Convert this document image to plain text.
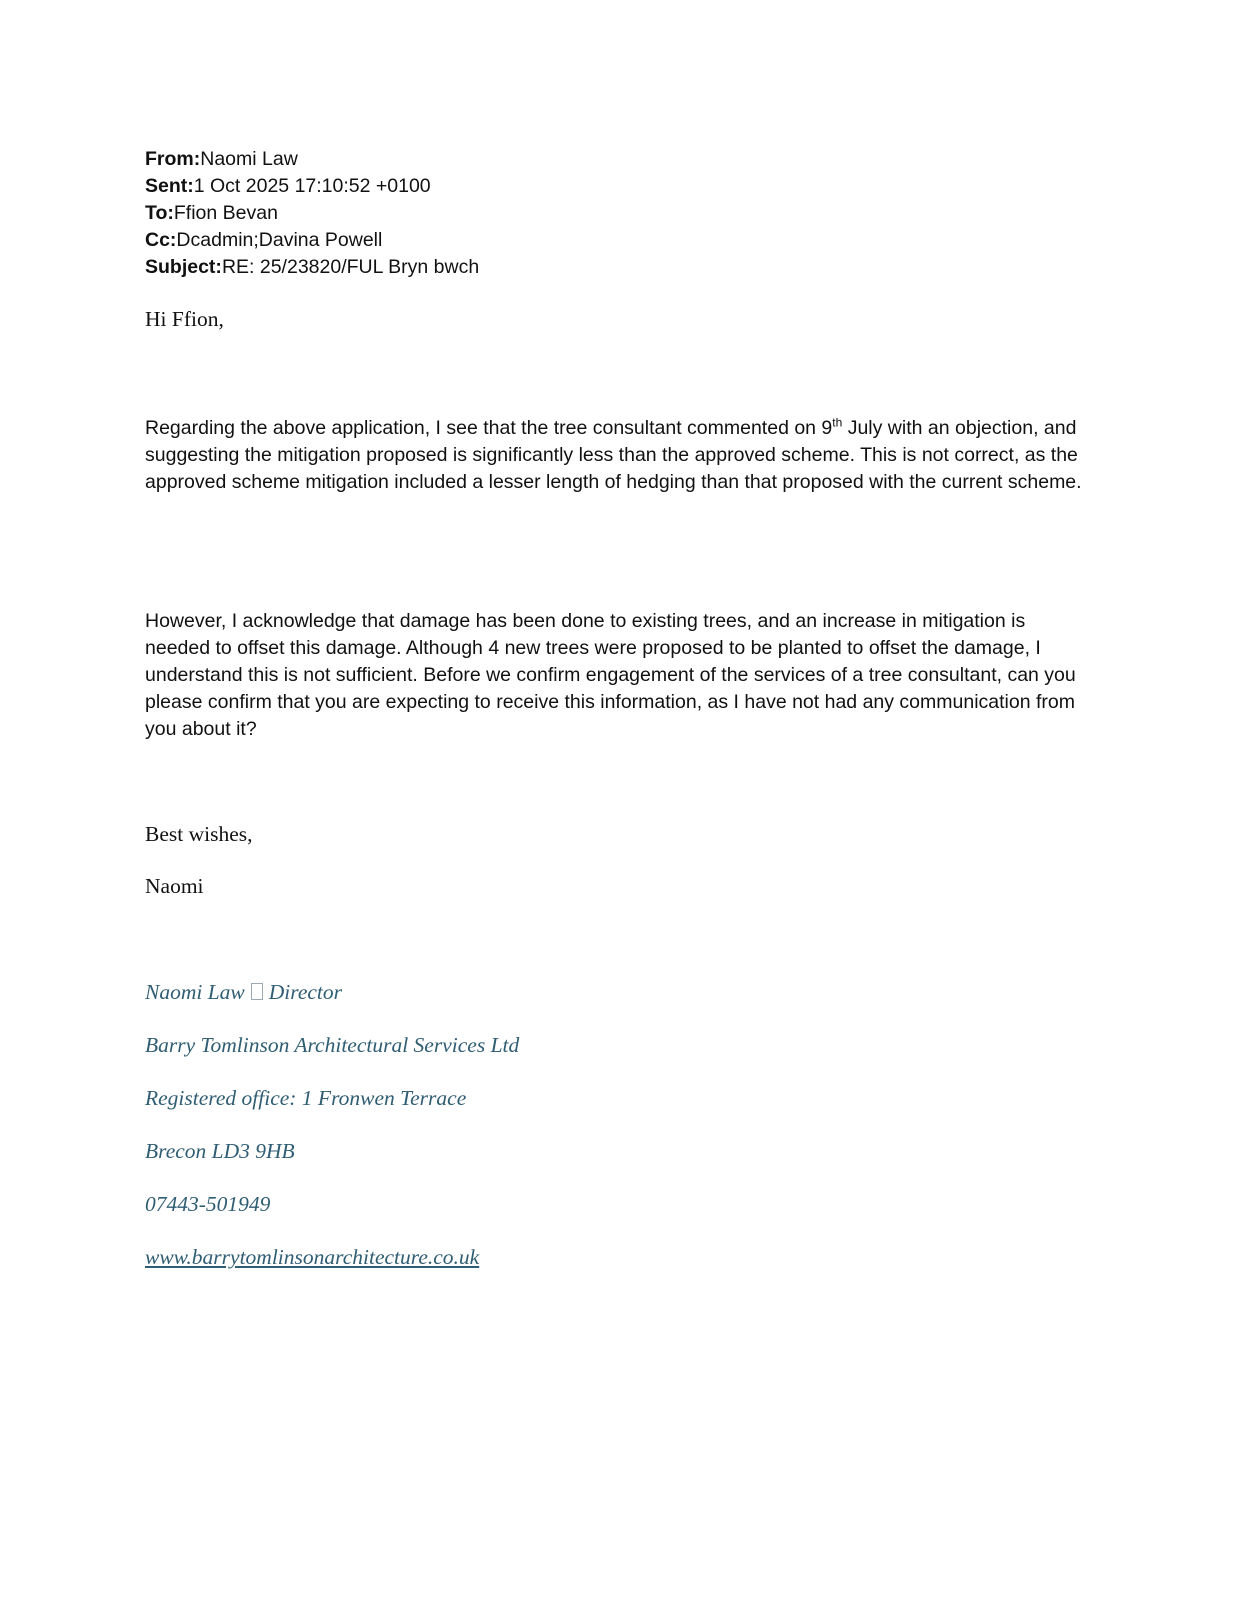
From:Naomi Law
Sent:1 Oct 2025 17:10:52 +0100
To:Ffion Bevan
Cc:Dcadmin;Davina Powell
Subject:RE: 25/23820/FUL Bryn bwch
Hi Ffion,
Regarding the above application, I see that the tree consultant commented on 9th July with an objection, and suggesting the mitigation proposed is significantly less than the approved scheme. This is not correct, as the approved scheme mitigation included a lesser length of hedging than that proposed with the current scheme.
However, I acknowledge that damage has been done to existing trees, and an increase in mitigation is needed to offset this damage. Although 4 new trees were proposed to be planted to offset the damage, I understand this is not sufficient. Before we confirm engagement of the services of a tree consultant, can you please confirm that you are expecting to receive this information, as I have not had any communication from you about it?
Best wishes,
Naomi
Naomi Law Director
Barry Tomlinson Architectural Services Ltd
Registered office: 1 Fronwen Terrace
Brecon LD3 9HB
07443-501949
www.barrytomlinsonarchitecture.co.uk
